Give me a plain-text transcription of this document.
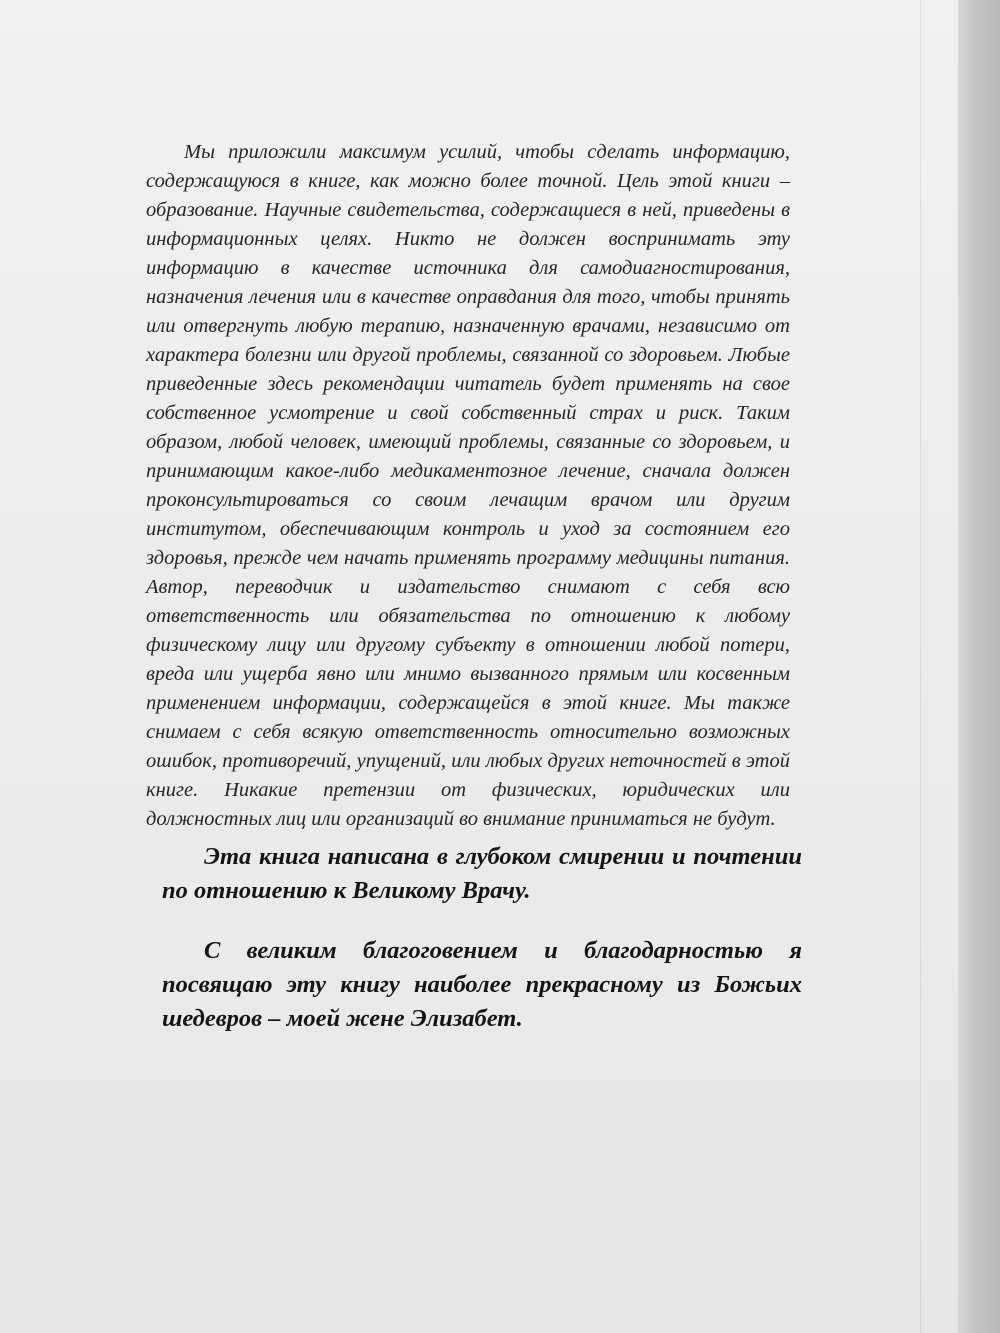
Мы приложили максимум усилий, чтобы сделать информацию, содержащуюся в книге, как можно более точной. Цель этой книги – образование. Научные свидетельства, содержащиеся в ней, приведены в информационных целях. Никто не должен воспринимать эту информацию в качестве источника для самодиагностирования, назначения лечения или в качестве оправдания для того, чтобы принять или отвергнуть любую терапию, назначенную врачами, независимо от характера болезни или другой проблемы, связанной со здоровьем. Любые приведенные здесь рекомендации читатель будет применять на свое собственное усмотрение и свой собственный страх и риск. Таким образом, любой человек, имеющий проблемы, связанные со здоровьем, и принимающим какое-либо медикаментозное лечение, сначала должен проконсультироваться со своим лечащим врачом или другим институтом, обеспечивающим контроль и уход за состоянием его здоровья, прежде чем начать применять программу медицины питания. Автор, переводчик и издательство снимают с себя всю ответственность или обязательства по отношению к любому физическому лицу или другому субъекту в отношении любой потери, вреда или ущерба явно или мнимо вызванного прямым или косвенным применением информации, содержащейся в этой книге. Мы также снимаем с себя всякую ответственность относительно возможных ошибок, противоречий, упущений, или любых других неточностей в этой книге. Никакие претензии от физических, юридических или должностных лиц или организаций во внимание приниматься не будут.

Эта книга написана в глубоком смирении и почтении по отношению к Великому Врачу.

С великим благоговением и благодарностью я посвящаю эту книгу наиболее прекрасному из Божьих шедевров – моей жене Элизабет.
